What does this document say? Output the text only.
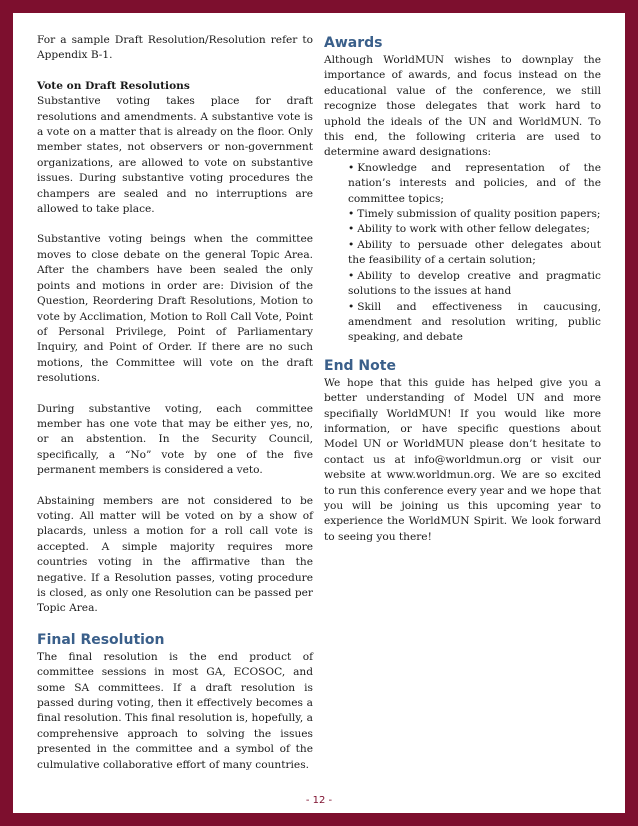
For a sample Draft Resolution/Resolution refer to Appendix B-1.

Vote on Draft Resolutions
Substantive voting takes place for draft resolutions and amendments. A substantive vote is a vote on a matter that is already on the floor. Only member states, not observers or non-government organizations, are allowed to vote on substantive issues. During substantive voting procedures the champers are sealed and no interruptions are allowed to take place.

Substantive voting beings when the committee moves to close debate on the general Topic Area. After the chambers have been sealed the only points and motions in order are: Division of the Question, Reordering Draft Resolutions, Motion to vote by Acclimation, Motion to Roll Call Vote, Point of Personal Privilege, Point of Parliamentary Inquiry, and Point of Order. If there are no such motions, the Committee will vote on the draft resolutions.

During substantive voting, each committee member has one vote that may be either yes, no, or an abstention. In the Security Council, specifically, a “No” vote by one of the five permanent members is considered a veto.

Abstaining members are not considered to be voting. All matter will be voted on by a show of placards, unless a motion for a roll call vote is accepted. A simple majority requires more countries voting in the affirmative than the negative. If a Resolution passes, voting procedure is closed, as only one Resolution can be passed per Topic Area.

Final Resolution

The final resolution is the end product of committee sessions in most GA, ECOSOC, and some SA committees. If a draft resolution is passed during voting, then it effectively becomes a final resolution. This final resolution is, hopefully, a comprehensive approach to solving the issues presented in the committee and a symbol of the culmulative collaborative effort of many countries.

Awards

Although WorldMUN wishes to downplay the importance of awards, and focus instead on the educational value of the conference, we still recognize those delegates that work hard to uphold the ideals of the UN and WorldMUN. To this end, the following criteria are used to determine award designations:

• Knowledge and representation of the nation’s interests and policies, and of the committee topics;
• Timely submission of quality position papers;
• Ability to work with other fellow delegates;
• Ability to persuade other delegates about the feasibility of a certain solution;
• Ability to develop creative and pragmatic solutions to the issues at hand
• Skill and effectiveness in caucusing, amendment and resolution writing, public speaking, and debate
End Note

We hope that this guide has helped give you a better understanding of Model UN and more specifially WorldMUN! If you would like more information, or have specific questions about Model UN or WorldMUN please don’t hesitate to contact us at info@worldmun.org or visit our website at www.worldmun.org. We are so excited to run this conference every year and we hope that you will be joining us this upcoming year to experience the WorldMUN Spirit. We look forward to seeing you there!

- 12 -
